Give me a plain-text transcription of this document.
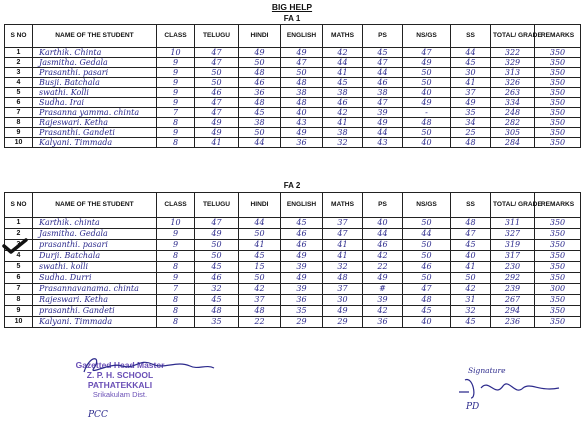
BIG HELP
FA 1
S NO	NAME OF THE STUDENT	CLASS	TELUGU	HINDI	ENGLISH	MATHS	PS	NS/GS	SS	TOTAL/ GRADE	REMARKS
1	Karthik. Chinta	10	47	49	49	42	45	47	44	322	350
2	Jasmitha. Gedala	9	47	50	47	44	47	49	45	329	350
3	Prasanthi. pasari	9	50	48	50	41	44	50	30	313	350
4	Busji. Batchala	9	50	46	48	45	46	50	41	326	350
5	swathi. Kolli	9	46	36	38	38	38	40	37	263	350
6	Sudha. Irai	9	47	48	48	46	47	49	49	334	350
7	Prasanna yamma. chinta	7	47	45	40	42	39	-	35	248	350
8	Rajeswari. Ketha	8	49	38	43	41	49	48	34	282	350
9	Prasanthi. Gandeti	9	49	50	49	38	44	50	25	305	350
10	Kalyani. Timmada	8	41	44	36	32	43	40	48	284	350
FA 2
S NO	NAME OF THE STUDENT	CLASS	TELUGU	HINDI	ENGLISH	MATHS	PS	NS/GS	SS	TOTAL/ GRADE	REMARKS
1	Karthik. chinta	10	47	44	45	37	40	50	48	311	350
2	Jasmitha. Gedala	9	49	50	46	47	44	44	47	327	350
3	prasanthi. pasari	9	50	41	46	41	46	50	45	319	350
4	Durji. Batchala	8	50	45	49	41	42	50	40	317	350
5	swathi. kolli	8	45	15	39	32	22	46	41	230	350
6	Sudha. Durri	9	46	50	49	48	49	50	50	292	350
7	Prasannavanama. chinta	7	32	42	39	37	#	47	42	239	300
8	Rajeswari. Ketha	8	45	37	36	30	39	48	31	267	350
9	prasanthi. Gandeti	8	48	48	35	49	42	45	32	294	350
10	Kalyani. Timmada	8	35	22	29	29	36	40	45	236	350
Gazetted Head Master
Z. P. H. SCHOOL
PATHATEKKALI
Srikakulam Dist.
PCC
Signature
PD
